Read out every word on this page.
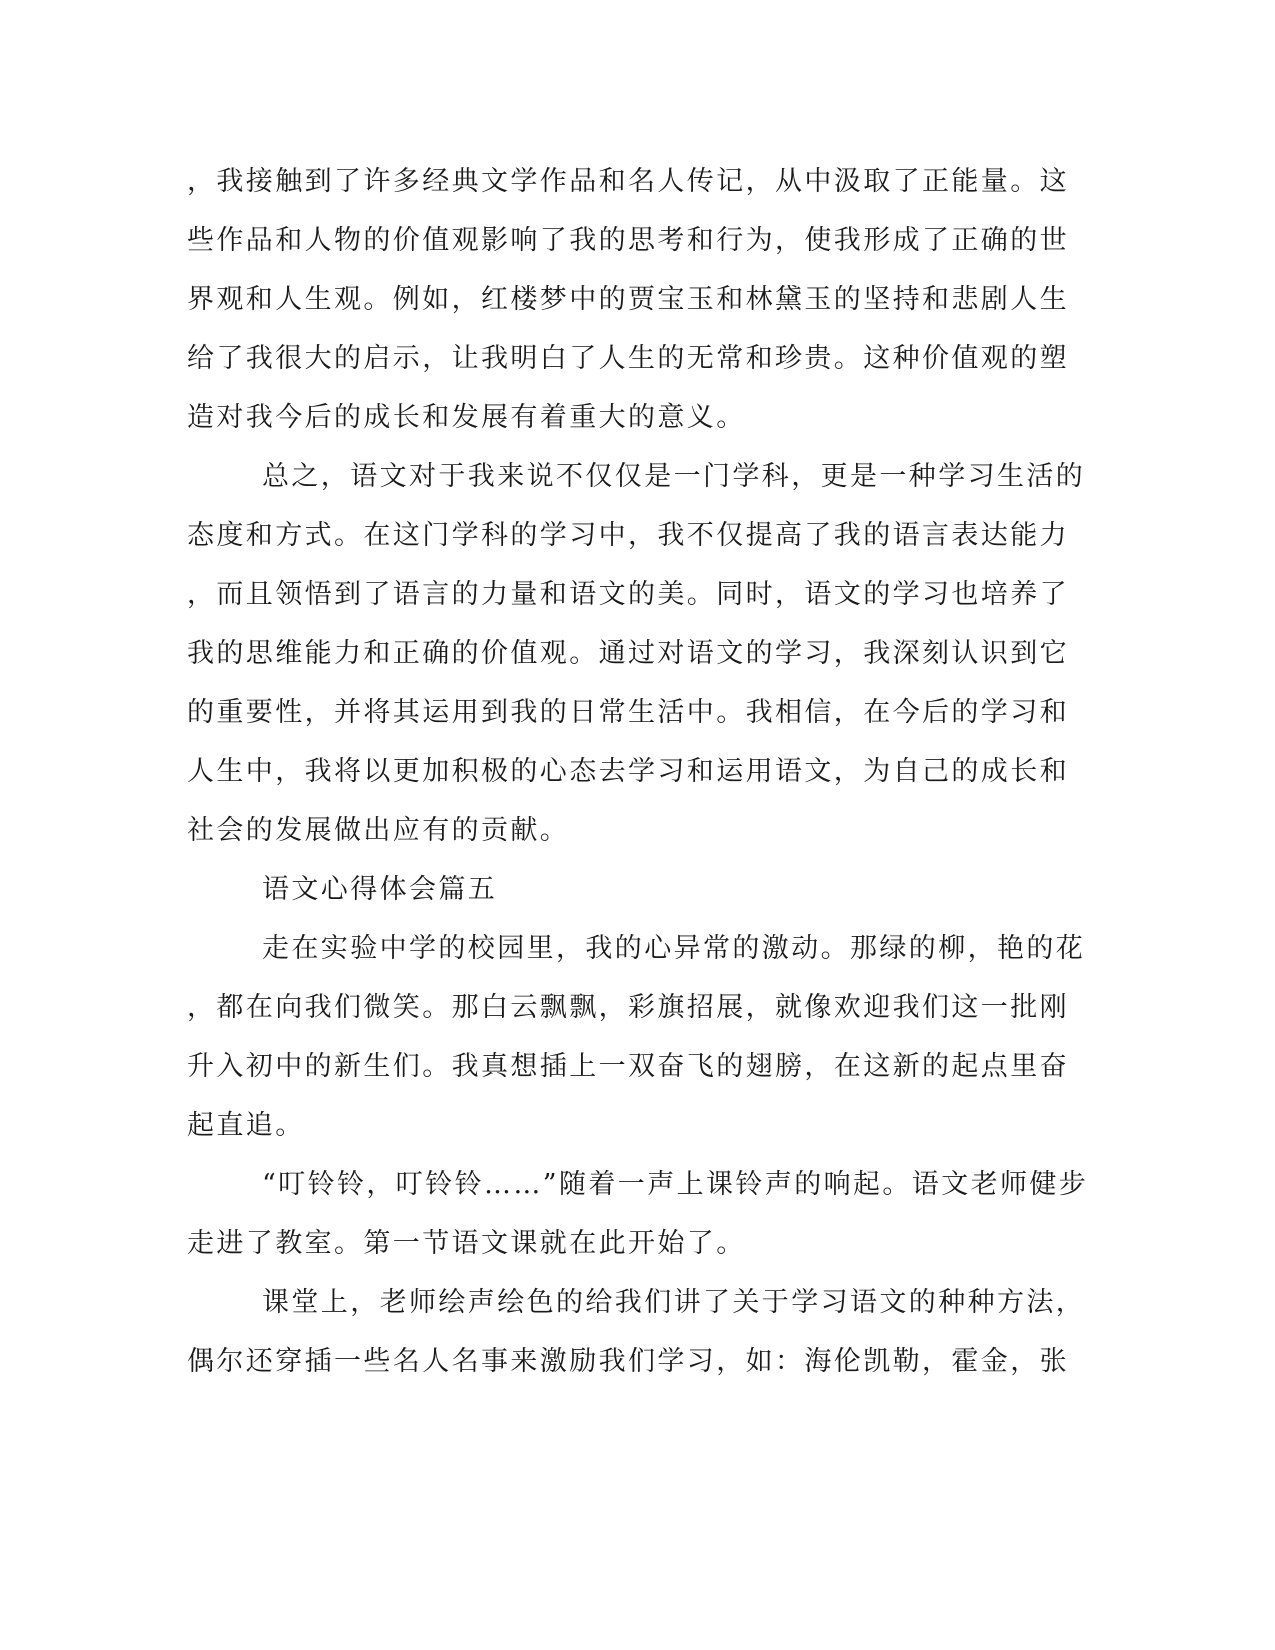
，我接触到了许多经典文学作品和名人传记，从中汲取了正能量。这
些作品和人物的价值观影响了我的思考和行为，使我形成了正确的世
界观和人生观。例如，红楼梦中的贾宝玉和林黛玉的坚持和悲剧人生
给了我很大的启示，让我明白了人生的无常和珍贵。这种价值观的塑
造对我今后的成长和发展有着重大的意义。
总之，语文对于我来说不仅仅是一门学科，更是一种学习生活的
态度和方式。在这门学科的学习中，我不仅提高了我的语言表达能力
，而且领悟到了语言的力量和语文的美。同时，语文的学习也培养了
我的思维能力和正确的价值观。通过对语文的学习，我深刻认识到它
的重要性，并将其运用到我的日常生活中。我相信，在今后的学习和
人生中，我将以更加积极的心态去学习和运用语文，为自己的成长和
社会的发展做出应有的贡献。
语文心得体会篇五
走在实验中学的校园里，我的心异常的激动。那绿的柳，艳的花
，都在向我们微笑。那白云飘飘，彩旗招展，就像欢迎我们这一批刚
升入初中的新生们。我真想插上一双奋飞的翅膀，在这新的起点里奋
起直追。
“叮铃铃，叮铃铃……”随着一声上课铃声的响起。语文老师健步
走进了教室。第一节语文课就在此开始了。
课堂上，老师绘声绘色的给我们讲了关于学习语文的种种方法，
偶尔还穿插一些名人名事来激励我们学习，如：海伦凯勒，霍金，张
